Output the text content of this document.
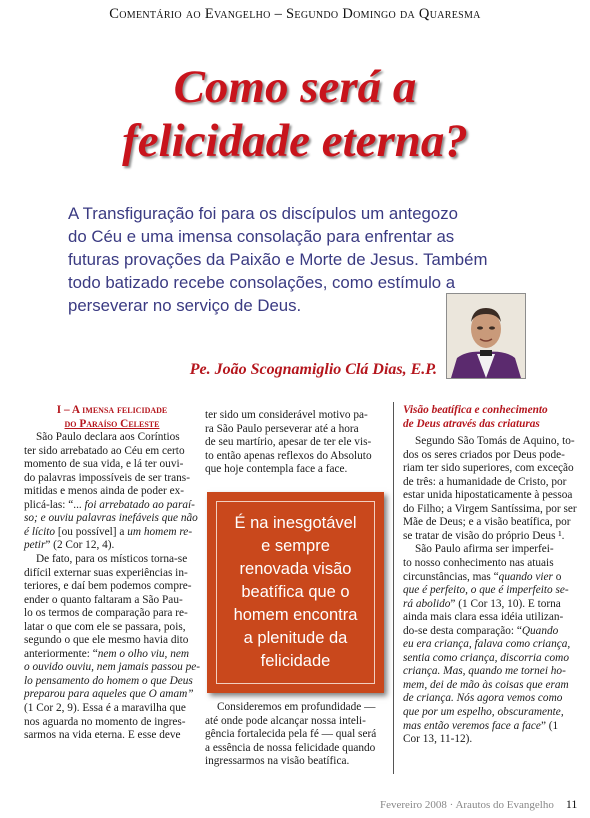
Comentário ao Evangelho – Segundo Domingo da Quaresma
Como será a
felicidade eterna?
A Transfiguração foi para os discípulos um antegozo
do Céu e uma imensa consolação para enfrentar as
futuras provações da Paixão e Morte de Jesus. Também
todo batizado recebe consolações, como estímulo a
perseverar no serviço de Deus.
Pe. João Scognamiglio Clá Dias, E.P.
I – A imensa felicidade
do Paraíso Celeste
São Paulo declara aos Coríntios
ter sido arrebatado ao Céu em certo
momento de sua vida, e lá ter ouvi-
do palavras impossíveis de ser trans-
mitidas e menos ainda de poder ex-
plicá-las: “... foi arrebatado ao paraí-
so; e ouviu palavras inefáveis que não
é lícito [ou possível] a um homem re-
petir” (2 Cor 12, 4).
De fato, para os místicos torna-se
difícil externar suas experiências in-
teriores, e daí bem podemos compre-
ender o quanto faltaram a São Pau-
lo os termos de comparação para re-
latar o que com ele se passara, pois,
segundo o que ele mesmo havia dito
anteriormente: “nem o olho viu, nem
o ouvido ouviu, nem jamais passou pe-
lo pensamento do homem o que Deus
preparou para aqueles que O amam”
(1 Cor 2, 9). Essa é a maravilha que
nos aguarda no momento de ingres-
sarmos na vida eterna. E esse deve
ter sido um considerável motivo pa-
ra São Paulo perseverar até a hora
de seu martírio, apesar de ter ele vis-
to então apenas reflexos do Absoluto
que hoje contempla face a face.
É na inesgotável
e sempre
renovada visão
beatífica que o
homem encontra
a plenitude da
felicidade
Consideremos em profundidade —
até onde pode alcançar nossa inteli-
gência fortalecida pela fé — qual será
a essência de nossa felicidade quando
ingressarmos na visão beatífica.
Visão beatífica e conhecimento
de Deus através das criaturas
Segundo São Tomás de Aquino, to-
dos os seres criados por Deus pode-
riam ter sido superiores, com exceção
de três: a humanidade de Cristo, por
estar unida hipostaticamente à pessoa
do Filho; a Virgem Santíssima, por ser
Mãe de Deus; e a visão beatífica, por
se tratar de visão do próprio Deus ¹.
São Paulo afirma ser imperfei-
to nosso conhecimento nas atuais
circunstâncias, mas “quando vier o
que é perfeito, o que é imperfeito se-
rá abolido” (1 Cor 13, 10). E torna
ainda mais clara essa idéia utilizan-
do-se desta comparação: “Quando
eu era criança, falava como criança,
sentia como criança, discorria como
criança. Mas, quando me tornei ho-
mem, dei de mão às coisas que eram
de criança. Nós agora vemos como
que por um espelho, obscuramente,
mas então veremos face a face” (1
Cor 13, 11-12).
Fevereiro 2008 · Arautos do Evangelho 11
